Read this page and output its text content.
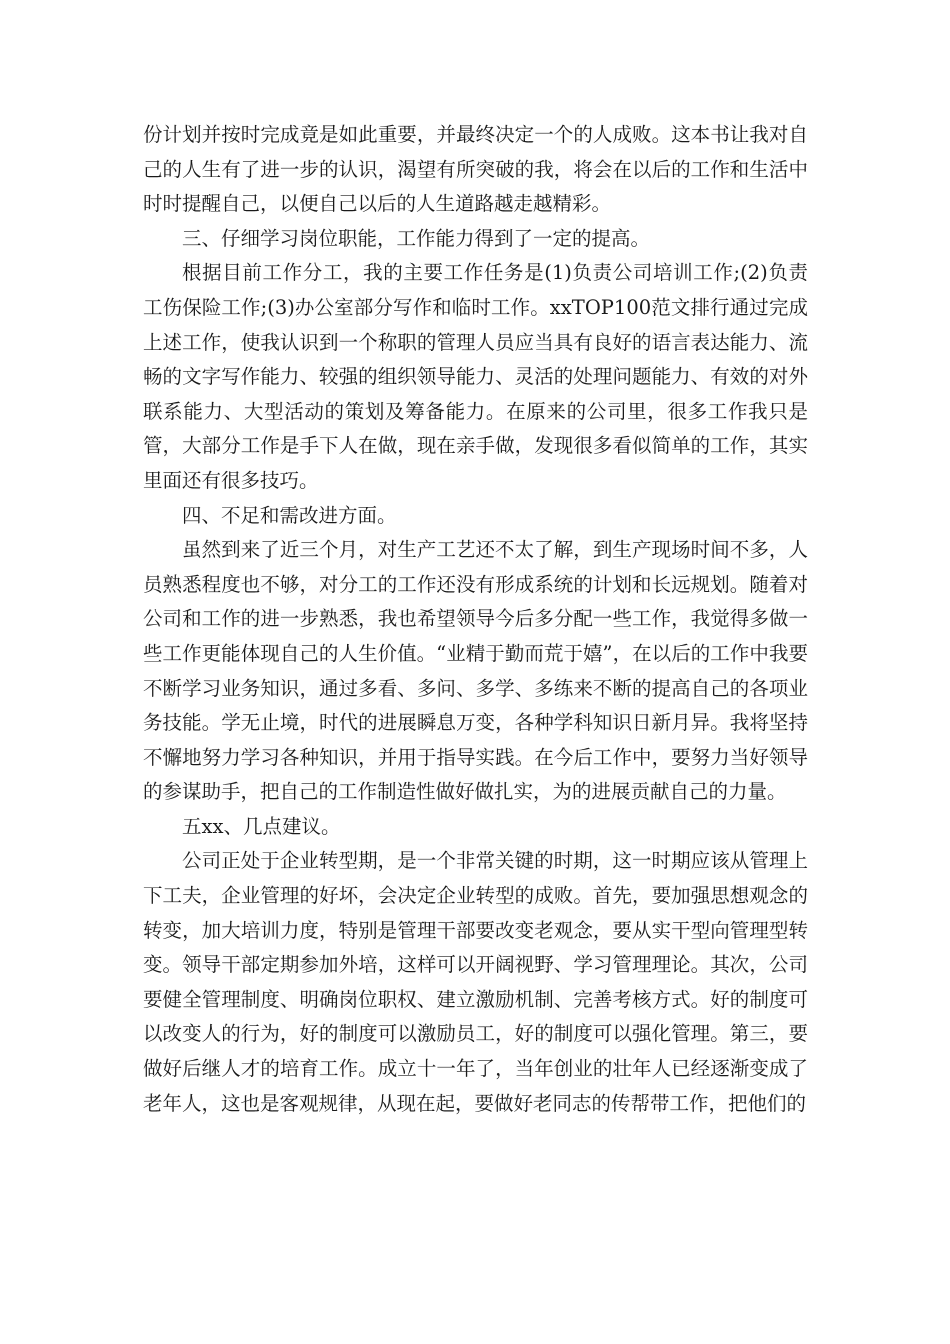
份计划并按时完成竟是如此重要，并最终决定一个的人成败。这本书让我对自己的人生有了进一步的认识，渴望有所突破的我，将会在以后的工作和生活中时时提醒自己，以便自己以后的人生道路越走越精彩。

三、仔细学习岗位职能，工作能力得到了一定的提高。

根据目前工作分工，我的主要工作任务是(1)负责公司培训工作;(2)负责工伤保险工作;(3)办公室部分写作和临时工作。xxTOP100范文排行通过完成上述工作，使我认识到一个称职的管理人员应当具有良好的语言表达能力、流畅的文字写作能力、较强的组织领导能力、灵活的处理问题能力、有效的对外联系能力、大型活动的策划及筹备能力。在原来的公司里，很多工作我只是管，大部分工作是手下人在做，现在亲手做，发现很多看似简单的工作，其实里面还有很多技巧。

四、不足和需改进方面。

虽然到来了近三个月，对生产工艺还不太了解，到生产现场时间不多，人员熟悉程度也不够，对分工的工作还没有形成系统的计划和长远规划。随着对公司和工作的进一步熟悉，我也希望领导今后多分配一些工作，我觉得多做一些工作更能体现自己的人生价值。“业精于勤而荒于嬉”，在以后的工作中我要不断学习业务知识，通过多看、多问、多学、多练来不断的提高自己的各项业务技能。学无止境，时代的进展瞬息万变，各种学科知识日新月异。我将坚持不懈地努力学习各种知识，并用于指导实践。在今后工作中，要努力当好领导的参谋助手，把自己的工作制造性做好做扎实，为的进展贡献自己的力量。

五xx、几点建议。

公司正处于企业转型期，是一个非常关键的时期，这一时期应该从管理上下工夫，企业管理的好坏，会决定企业转型的成败。首先，要加强思想观念的转变，加大培训力度，特别是管理干部要改变老观念，要从实干型向管理型转变。领导干部定期参加外培，这样可以开阔视野、学习管理理论。其次，公司要健全管理制度、明确岗位职权、建立激励机制、完善考核方式。好的制度可以改变人的行为，好的制度可以激励员工，好的制度可以强化管理。第三，要做好后继人才的培育工作。成立十一年了，当年创业的壮年人已经逐渐变成了老年人，这也是客观规律，从现在起，要做好老同志的传帮带工作，把他们的
